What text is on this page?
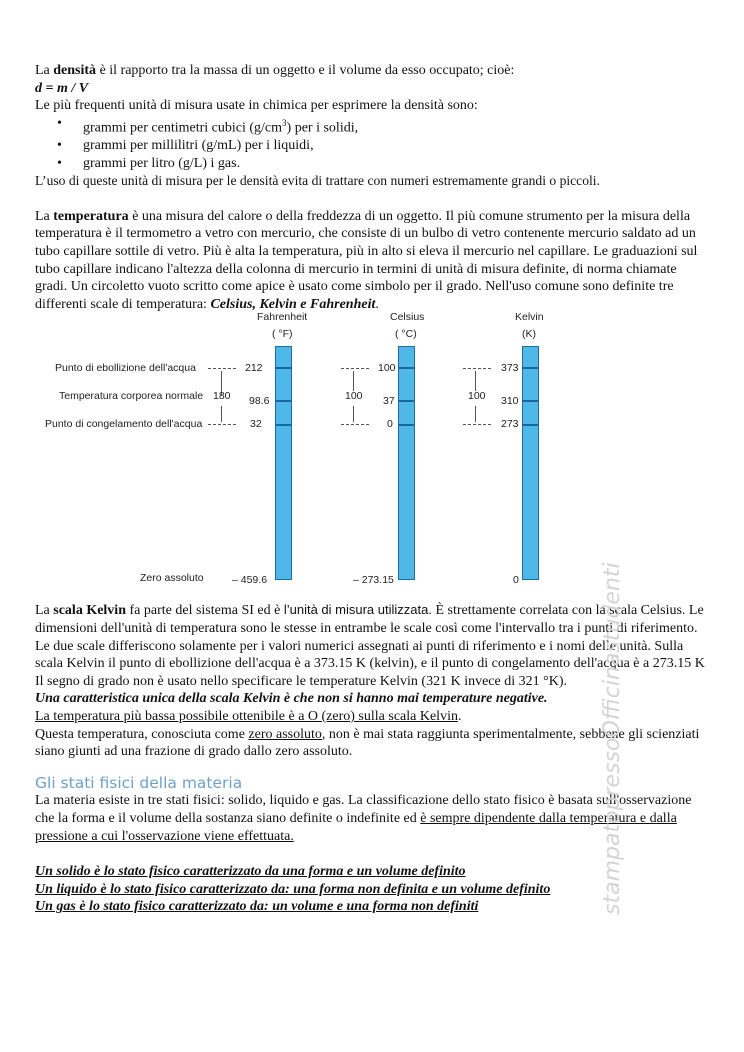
La densità è il rapporto tra la massa di un oggetto e il volume da esso occupato; cioè:

d = m / V

Le più frequenti unità di misura usate in chimica per esprimere la densità sono:

• grammi per centimetri cubici $(g/cm^3)$ per i solidi,
• grammi per millilitri (g/mL) per i liquidi,
• grammi per litro (g/L) i gas.

L’uso di queste unità di misura per le densità evita di trattare con numeri estremamente grandi o piccoli.

La temperatura è una misura del calore o della freddezza di un oggetto. Il più comune strumento per la misura della temperatura è il termometro a vetro con mercurio, che consiste di un bulbo di vetro contenente mercurio saldato ad un tubo capillare sottile di vetro. Più è alta la temperatura, più in alto si eleva il mercurio nel capillare. Le graduazioni sul tubo capillare indicano l'altezza della colonna di mercurio in termini di unità di misura definite, di norma chiamate gradi. Un circoletto vuoto scritto come apice è usato come simbolo per il grado. Nell'uso comune sono definite tre differenti scale di temperatura: Celsius, Kelvin e Fahrenheit.

La scala Kelvin fa parte del sistema SI ed è l’unità di misura utilizzata. È strettamente correlata con la scala Celsius. Le dimensioni dell'unità di temperatura sono le stesse in entrambe le scale così come l'intervallo tra i punti di riferimento.

Le due scale differiscono solamente per i valori numerici assegnati ai punti di riferimento e i nomi delle unità. Sulla scala Kelvin il punto di ebollizione dell'acqua è a 373.15 K (kelvin), e il punto di congelamento dell'acqua è a 273.15 K

Il segno di grado non è usato nello specificare le temperature Kelvin (321 K invece di 321 °K).

Una caratteristica unica della scala Kelvin è che non si hanno mai temperature negative.

La temperatura più bassa possibile ottenibile è a O (zero) sulla scala Kelvin.

Questa temperatura, conosciuta come zero assoluto, non è mai stata raggiunta sperimentalmente, sebbene gli scienziati siano giunti ad una frazione di grado dallo zero assoluto.

Gli stati fisici della materia

La materia esiste in tre stati fisici: solido, liquido e gas. La classificazione dello stato fisico è basata sull'osservazione che la forma e il volume della sostanza siano definite o indefinite ed è sempre dipendente dalla temperatura e dalla pressione a cui l'osservazione viene effettuata.

Un solido è lo stato fisico caratterizzato da una forma e un volume definito

Un liquido è lo stato fisico caratterizzato da: una forma non definita e un volume definito

Un gas è lo stato fisico caratterizzato da: un volume e una forma non definiti

Fahrenheit
( °F)
Celsius
( °C)
Kelvin
(K)
Punto di ebollizione dell'acqua
Temperatura corporea normale
Punto di congelamento dell'acqua
Zero assoluto
180
212
98.6
32
– 459.6
100
100
37
0
– 273.15
100
373
310
273
0	stampatopressoOfficinastudenti
